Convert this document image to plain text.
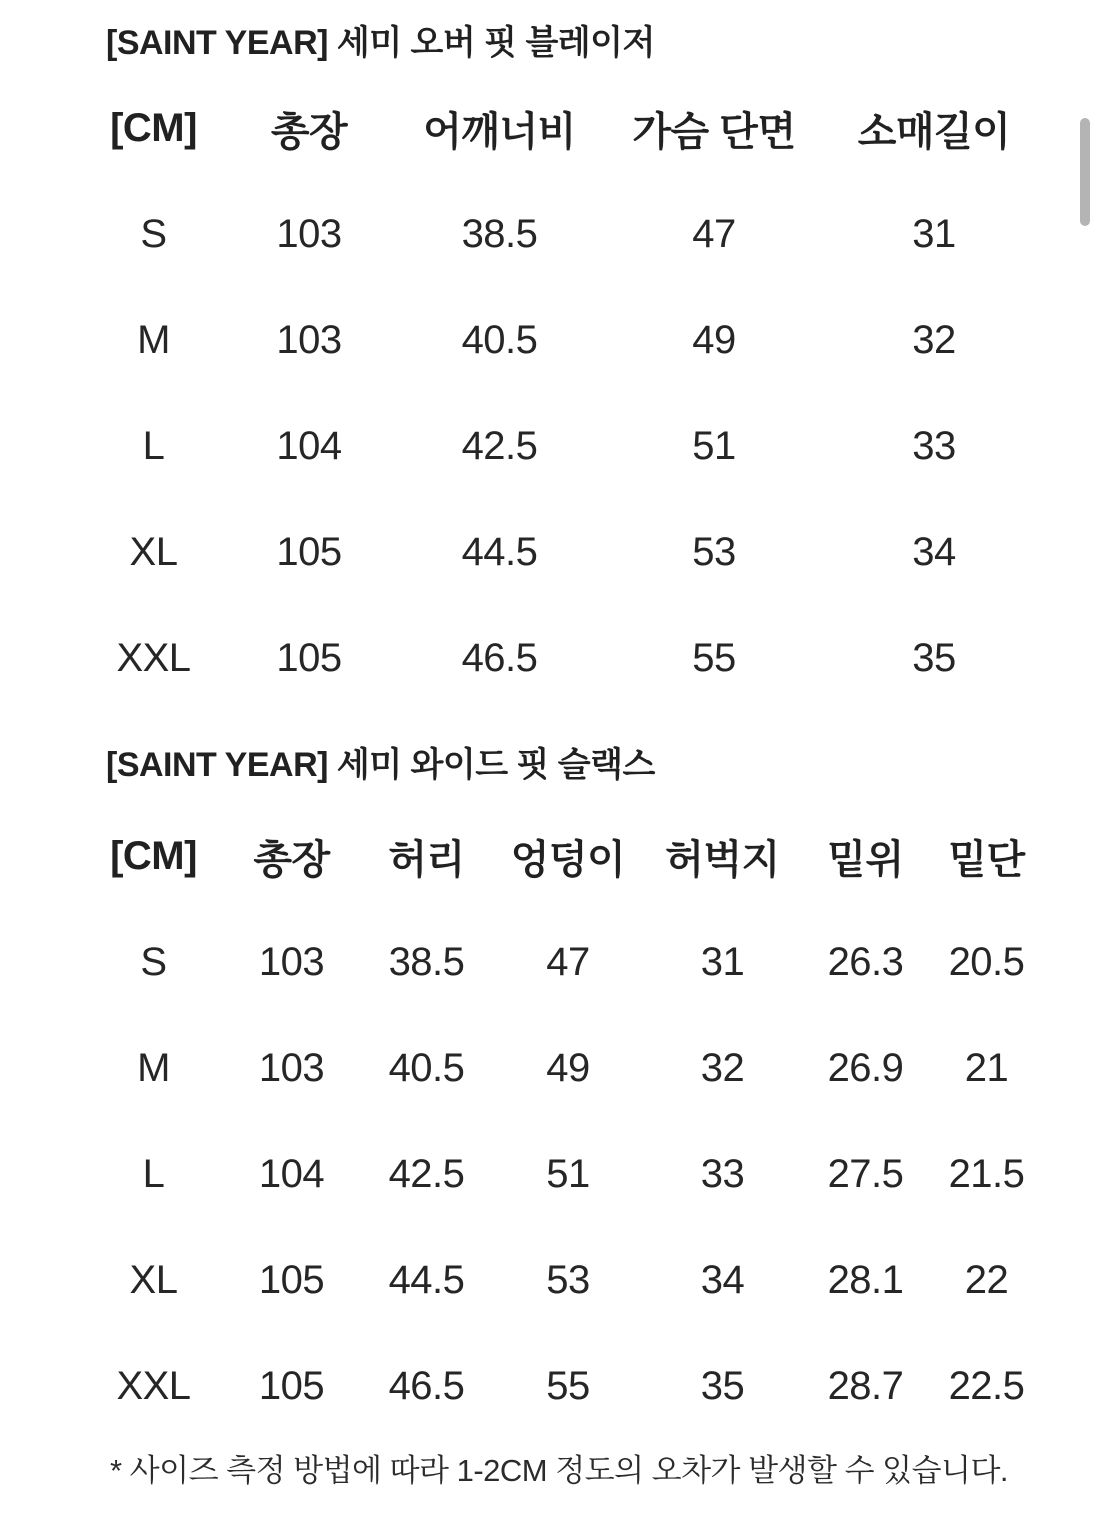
[SAINT YEAR] 세미 오버 핏 블레이저
[CM]	총장	어깨너비	가슴 단면	소매길이
S	103	38.5	47	31
M	103	40.5	49	32
L	104	42.5	51	33
XL	105	44.5	53	34
XXL	105	46.5	55	35
[SAINT YEAR] 세미 와이드 핏 슬랙스
[CM]	총장	허리	엉덩이	허벅지	밑위	밑단
S	103	38.5	47	31	26.3	20.5
M	103	40.5	49	32	26.9	21
L	104	42.5	51	33	27.5	21.5
XL	105	44.5	53	34	28.1	22
XXL	105	46.5	55	35	28.7	22.5

* 사이즈 측정 방법에 따라 1-2CM 정도의 오차가 발생할 수 있습니다.
